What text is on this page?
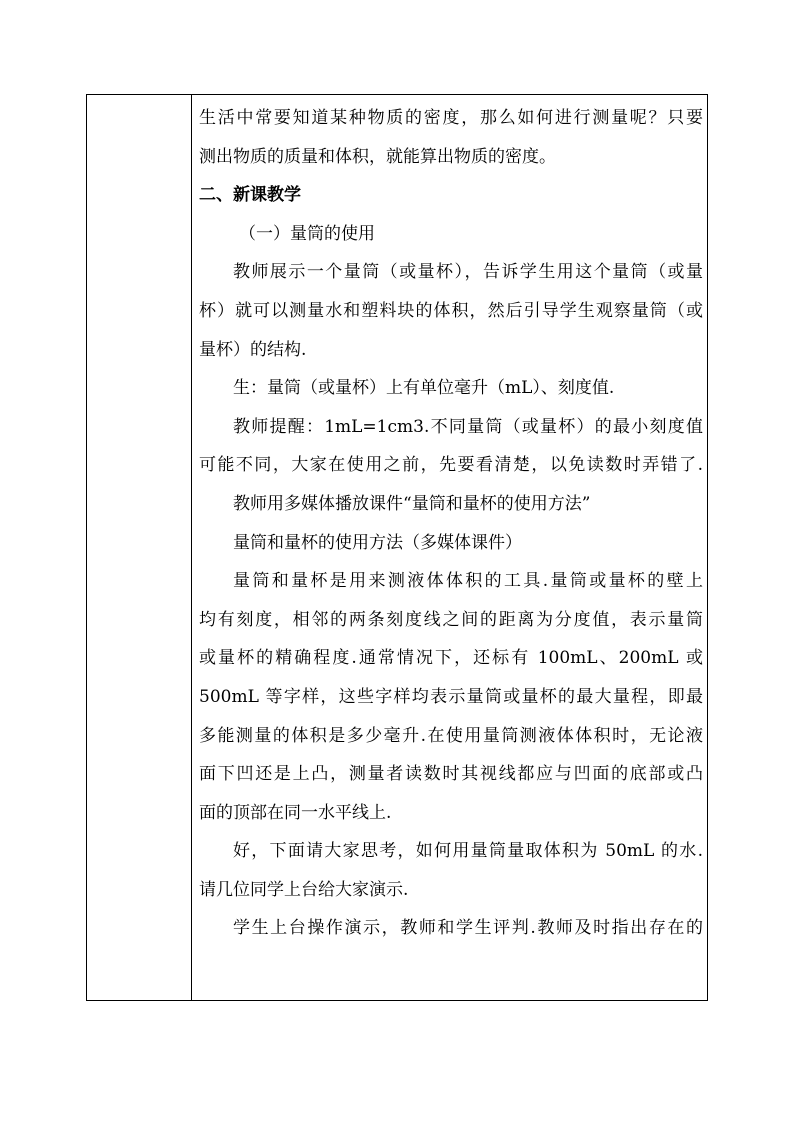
生活中常要知道某种物质的密度，那么如何进行测量呢？只要
测出物质的质量和体积，就能算出物质的密度。
二、新课教学
（一）量筒的使用
教师展示一个量筒（或量杯），告诉学生用这个量筒（或量
杯）就可以测量水和塑料块的体积，然后引导学生观察量筒（或
量杯）的结构.
生：量筒（或量杯）上有单位毫升（mL）、刻度值.
教师提醒：1mL=1cm3.不同量筒（或量杯）的最小刻度值
可能不同，大家在使用之前，先要看清楚，以免读数时弄错了.
教师用多媒体播放课件“量筒和量杯的使用方法”
量筒和量杯的使用方法（多媒体课件）
量筒和量杯是用来测液体体积的工具.量筒或量杯的壁上
均有刻度，相邻的两条刻度线之间的距离为分度值，表示量筒
或量杯的精确程度.通常情况下，还标有 100mL、200mL 或
500mL 等字样，这些字样均表示量筒或量杯的最大量程，即最
多能测量的体积是多少毫升.在使用量筒测液体体积时，无论液
面下凹还是上凸，测量者读数时其视线都应与凹面的底部或凸
面的顶部在同一水平线上.
好，下面请大家思考，如何用量筒量取体积为 50mL 的水.
请几位同学上台给大家演示.
学生上台操作演示，教师和学生评判.教师及时指出存在的
